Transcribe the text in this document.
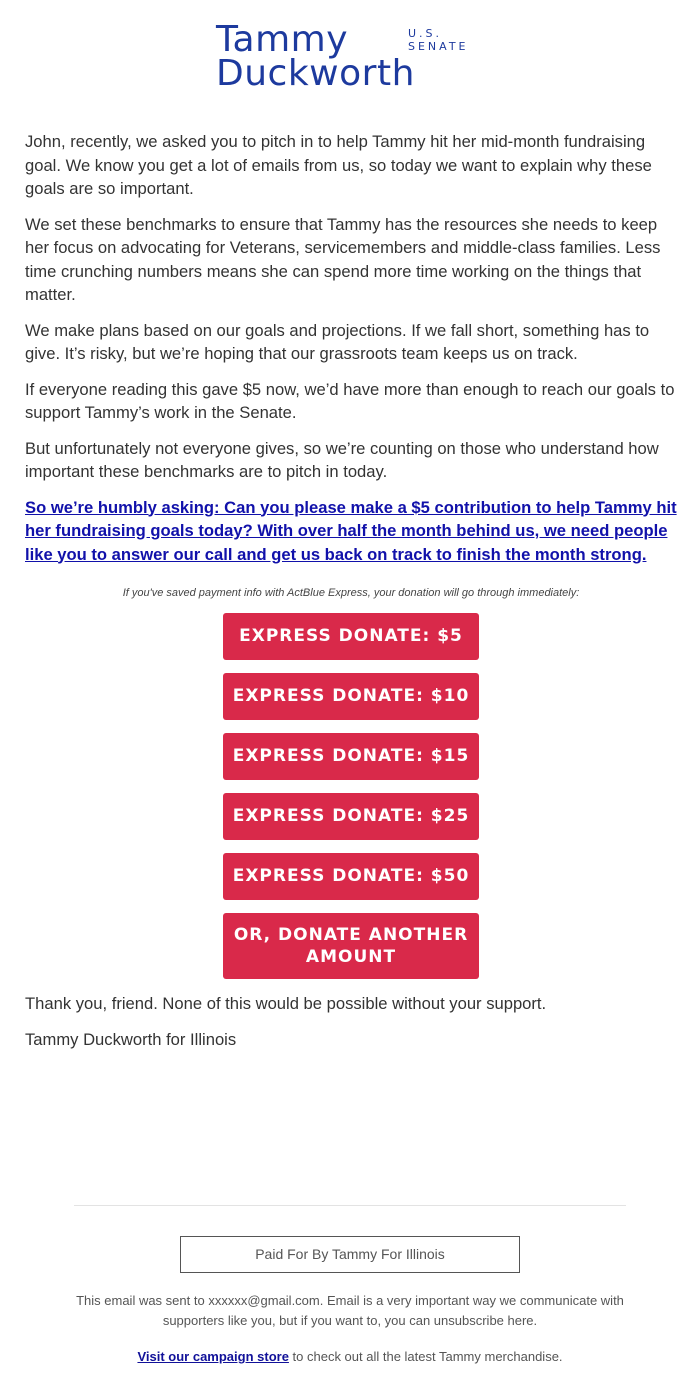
Tammy
Duckworth
U.S.
SENATE

John, recently, we asked you to pitch in to help Tammy hit her mid-month fundraising goal. We know you get a lot of emails from us, so today we want to explain why these goals are so important.

We set these benchmarks to ensure that Tammy has the resources she needs to keep her focus on advocating for Veterans, servicemembers and middle-class families. Less time crunching numbers means she can spend more time working on the things that matter.

We make plans based on our goals and projections. If we fall short, something has to give. It’s risky, but we’re hoping that our grassroots team keeps us on track.

If everyone reading this gave $5 now, we’d have more than enough to reach our goals to support Tammy’s work in the Senate.

But unfortunately not everyone gives, so we’re counting on those who understand how important these benchmarks are to pitch in today.

So we’re humbly asking: Can you please make a $5 contribution to help Tammy hit her fundraising goals today? With over half the month behind us, we need people like you to answer our call and get us back on track to finish the month strong.

If you've saved payment info with ActBlue Express, your donation will go through immediately:
EXPRESS DONATE: $5
EXPRESS DONATE: $10
EXPRESS DONATE: $15
EXPRESS DONATE: $25
EXPRESS DONATE: $50
OR, DONATE ANOTHER
AMOUNT

Thank you, friend. None of this would be possible without your support.

Tammy Duckworth for Illinois

Paid For By Tammy For Illinois
This email was sent to xxxxxx@gmail.com. Email is a very important way we communicate with supporters like you, but if you want to, you can unsubscribe here.
Visit our campaign store to check out all the latest Tammy merchandise.
